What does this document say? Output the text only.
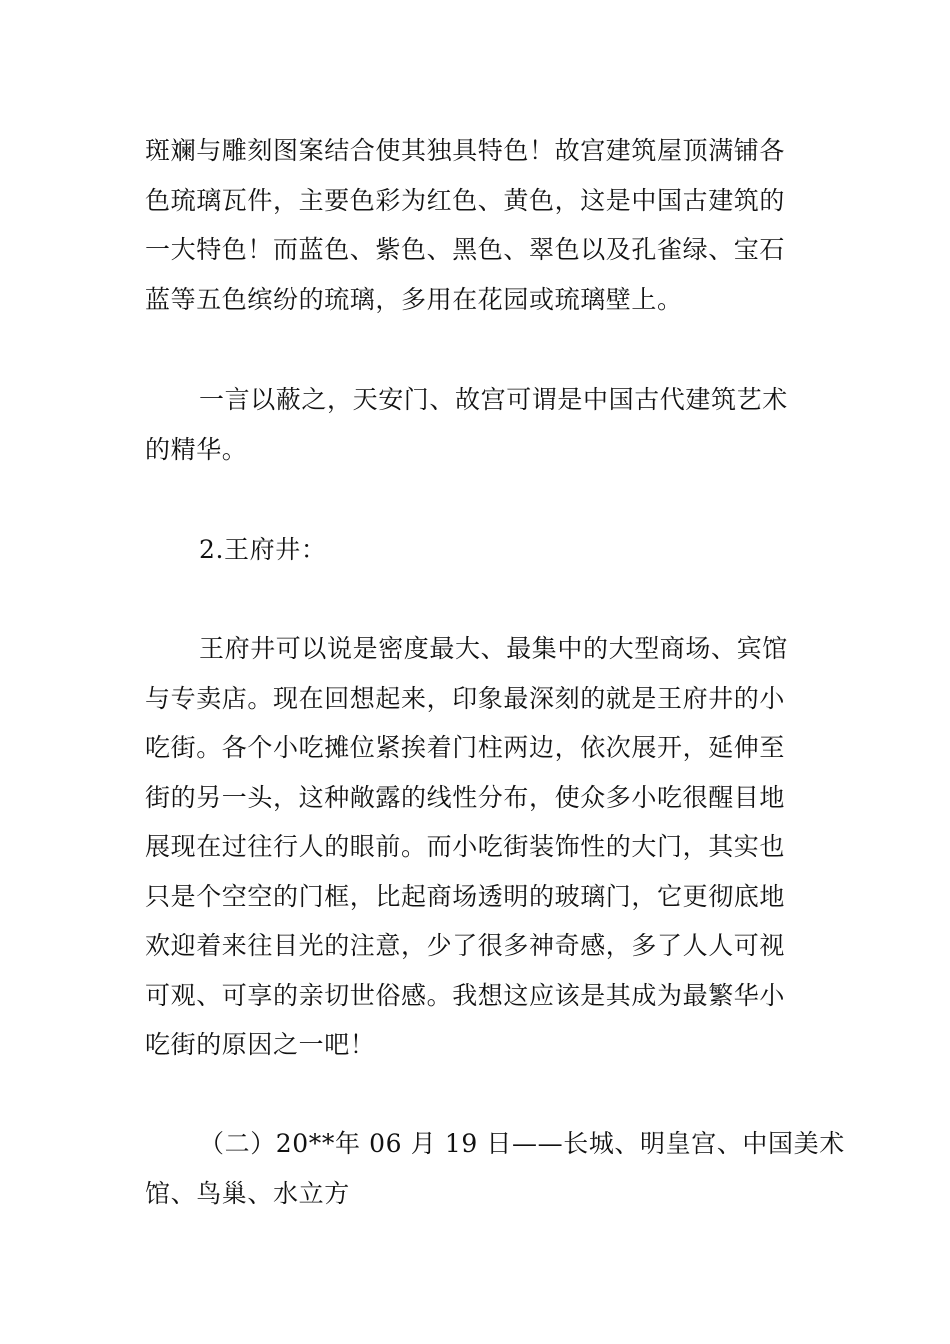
斑斓与雕刻图案结合使其独具特色！故宫建筑屋顶满铺各
色琉璃瓦件，主要色彩为红色、黄色，这是中国古建筑的
一大特色！而蓝色、紫色、黑色、翠色以及孔雀绿、宝石
蓝等五色缤纷的琉璃，多用在花园或琉璃壁上。

一言以蔽之，天安门、故宫可谓是中国古代建筑艺术
的精华。

2.王府井：

王府井可以说是密度最大、最集中的大型商场、宾馆
与专卖店。现在回想起来，印象最深刻的就是王府井的小
吃街。各个小吃摊位紧挨着门柱两边，依次展开，延伸至
街的另一头，这种敞露的线性分布，使众多小吃很醒目地
展现在过往行人的眼前。而小吃街装饰性的大门，其实也
只是个空空的门框，比起商场透明的玻璃门，它更彻底地
欢迎着来往目光的注意，少了很多神奇感，多了人人可视
可观、可享的亲切世俗感。我想这应该是其成为最繁华小
吃街的原因之一吧！

（二）20**年 06 月 19 日——长城、明皇宫、中国美术
馆、鸟巢、水立方
